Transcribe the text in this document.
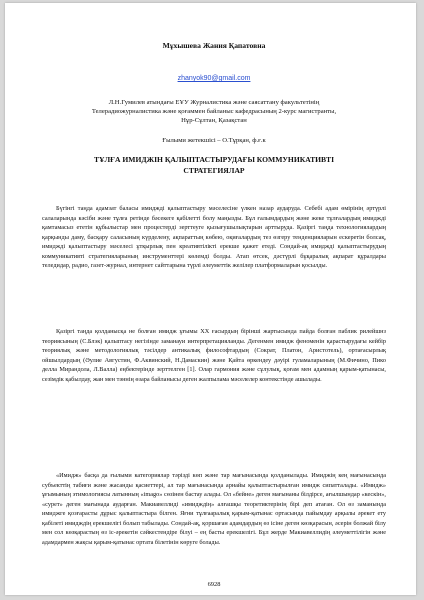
Мұхышева Жания Қапатовна
zhanyok90@gmail.com
Л.Н.Гумилев атындағы ЕҰУ Журналистика және саясаттану факультетінің
Телерадиожурналистика және қоғаммен байланыс кафедрасының 2-курс магистранты,
Нұр-Сұлтан, Қазақстан
Ғылыми жетекшісі – О.Тұрқан, ф.ғ.к
ТҰЛҒА ИМИДЖІН ҚАЛЫПТАСТЫРУДАҒЫ КОММУНИКАТИВТІ
СТРАТЕГИЯЛАР

Бүгінгі таңда адамзат баласы имиджді қалыптастыру мәселесіне үлкен назар аударуда. Себебі адам өмірінің әртүрлі салаларында кәсіби және тұлға ретінде бәсекеге қабілетті болу маңызды. Бұл ғалымдардың және жеке тұлғалардың имиджді қамтамасыз ететін құбылыстар мен процестерді зерттеуге қызығушылықтарын арттыруда. Қазіргі таңда технологиялардың қарқынды даму, басқару саласының күрделену, ақпараттың көбею, оқиғалардың тез өзгеру тенденцияларын ескеретін болсақ, имиджді қалыптастыру мәселесі ұтқырлық пен креативтілікті ерекше қажет етеді. Сондай-ақ имиджді қалыптастырудың коммуникативті стратегияларының инструменттері көлемді болды. Атап өтсек, дәстүрлі бұқаралық ақпарат құралдары теледидар, радио, газет-журнал, интернет сайттарына түрлі әлеуметтік желілер платформаларын қосылды.

Қазіргі таңда қолданысқа не болған имидж ұғымы XX ғасырдың бірінші жартысында пайда болған паблик рилейшнз теориясының (С.Блэк) қалыптасу негізінде заманауи интерпретацияланды. Дегенмен имидж феноменін қарастырудағы кейбір теориялық және методологиялық тәсілдер антикалық философтардың (Сократ, Платон, Аристотель), ортағасырлық ойшылдардың (Әулие Августин, Ф.Аквинский, Н.Дамаскин) және Қайта өркендеу дәуірі гуламаларының (М.Фичино, Пико делла Мирандола, Л.Валла) еңбектерінде зерттелген [1]. Олар гармония және сұлулық, қоғам мен адамның қарым-қатынасы, сезімдік қабылдау, жан мен тәннің өзара байланысы деген жалпылама мәселелер контекстінде ашылады.

«Имидж» басқа да ғылыми категориялар тәрізді көп және тар мағынасында қолданылады. Имиджің кең мағынасында субъекттің табиғи және жасанды қасиеттері, ал тар мағынасында арнайы қалыптастырылған имидж сипатталады. «Имидж» ұғымының этимологиясы латынның «imago» сөзінен бастау алады. Ол «бейне» деген мағынаны білдірсе, ағылшындар «кескін», «сурет» деген мағынада аударған. Макиавеллиді «имидждің» алғашқы теоретиктерінің бірі деп атаған. Ол өз заманында имиджге қозғарасты дұрыс қалыптастыра білген. Яғни тұлғааралық қарым-қатынас ортасында пайымдау арқылы әрекет ету қабілеті имидждің ерекшелігі болып табылады. Сондай-ақ, қоршаған адамдардың өз ісіне деген көзқарасын, әсерін болжай білу мен сол көзқарастың өз іс-әрекетін сәйкестендіре білуі – ең басты ерекшелігі. Бұл жерде Макиавеллидің әлеуметтілігін және адамдармен жақсы қарым-қатынас ортата білетінін көруге болады.

6928
